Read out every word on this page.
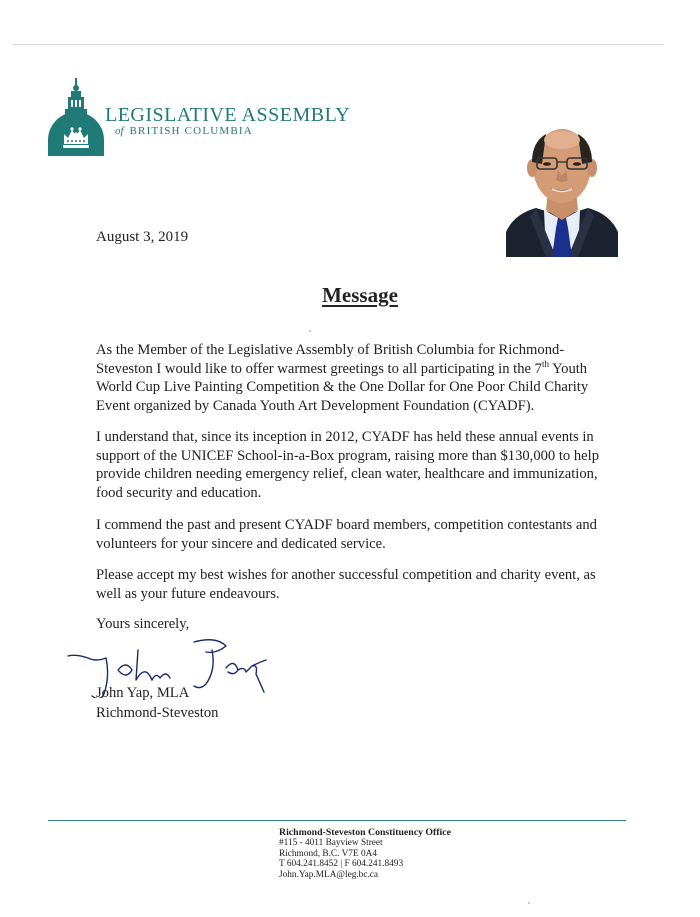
LEGISLATIVE ASSEMBLY
of BRITISH COLUMBIA
August 3, 2019
Message
As the Member of the Legislative Assembly of British Columbia for Richmond-Steveston I would like to offer warmest greetings to all participating in the 7th Youth World Cup Live Painting Competition & the One Dollar for One Poor Child Charity Event organized by Canada Youth Art Development Foundation (CYADF).
I understand that, since its inception in 2012, CYADF has held these annual events in support of the UNICEF School-in-a-Box program, raising more than $130,000 to help provide children needing emergency relief, clean water, healthcare and immunization, food security and education.
I commend the past and present CYADF board members, competition contestants and volunteers for your sincere and dedicated service.
Please accept my best wishes for another successful competition and charity event, as well as your future endeavours.
Yours sincerely,
John Yap, MLA
Richmond-Steveston
Richmond-Steveston Constituency Office
#115 - 4011 Bayview Street
Richmond, B.C. V7E 0A4
T 604.241.8452 | F 604.241.8493
John.Yap.MLA@leg.bc.ca
